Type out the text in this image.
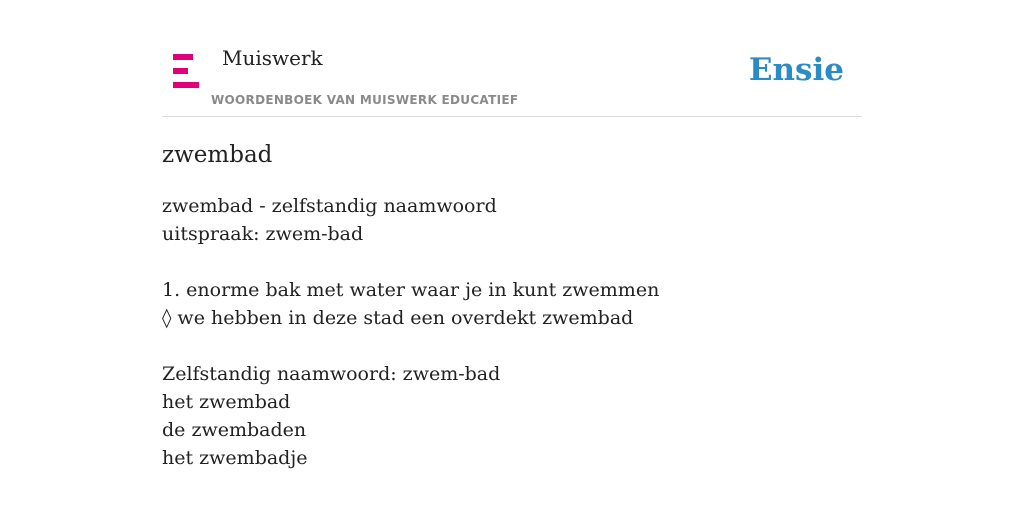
Muiswerk
WOORDENBOEK VAN MUISWERK EDUCATIEF
Ensie
zwembad
zwembad - zelfstandig naamwoord
uitspraak: zwem-bad
1. enorme bak met water waar je in kunt zwemmen
◊ we hebben in deze stad een overdekt zwembad
Zelfstandig naamwoord: zwem-bad
het zwembad
de zwembaden
het zwembadje
